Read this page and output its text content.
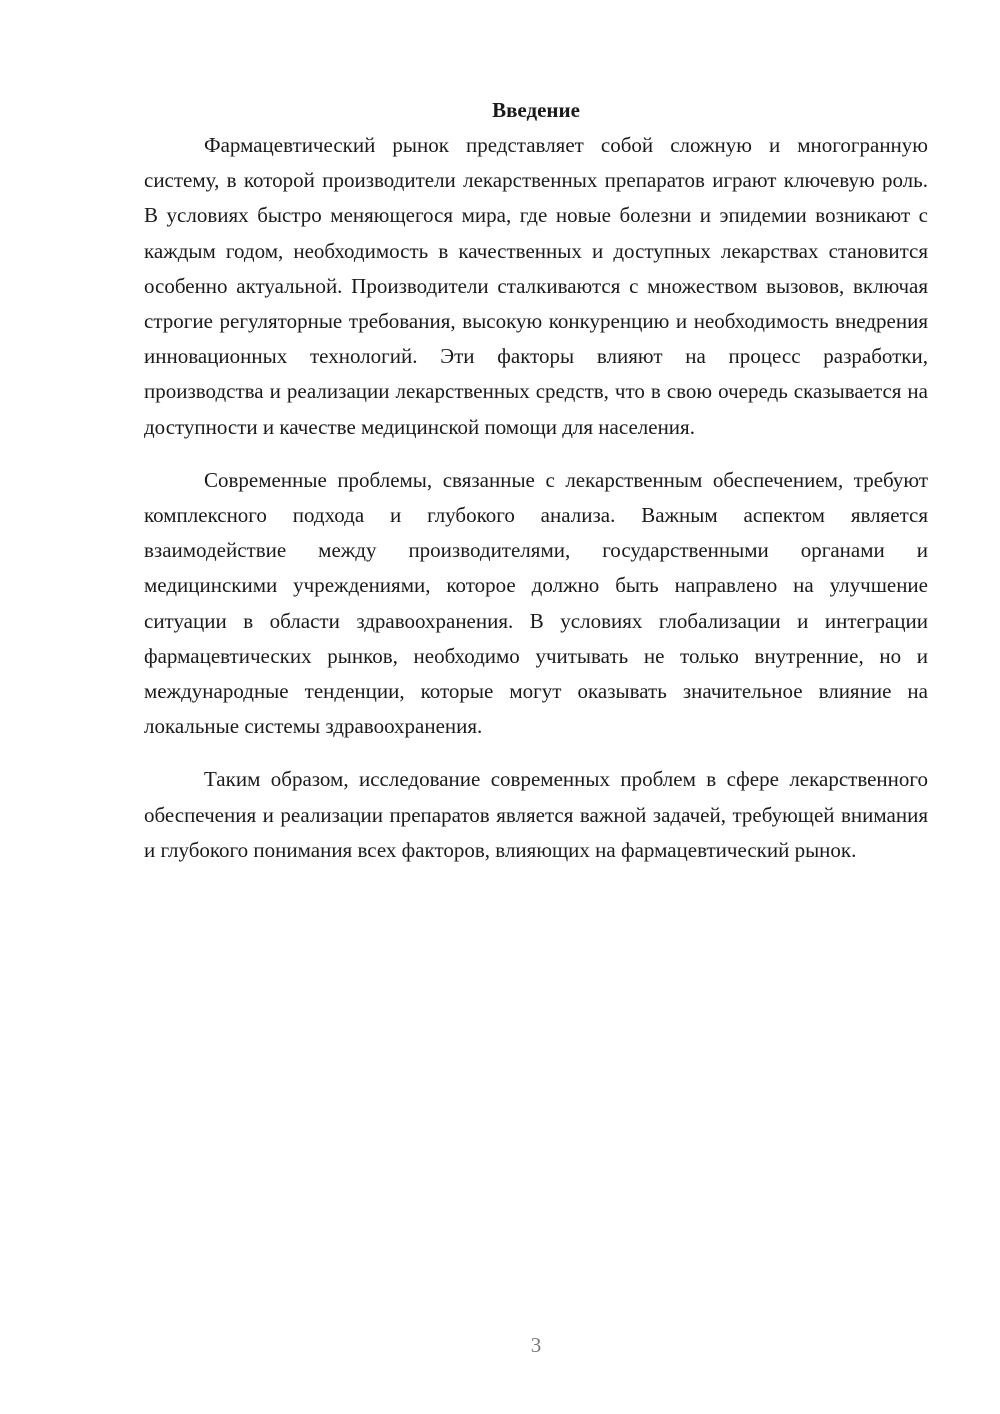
Введение

Фармацевтический рынок представляет собой сложную и многогранную систему, в которой производители лекарственных препаратов играют ключевую роль. В условиях быстро меняющегося мира, где новые болезни и эпидемии возникают с каждым годом, необходимость в качественных и доступных лекарствах становится особенно актуальной. Производители сталкиваются с множеством вызовов, включая строгие регуляторные требования, высокую конкуренцию и необходимость внедрения инновационных технологий. Эти факторы влияют на процесс разработки, производства и реализации лекарственных средств, что в свою очередь сказывается на доступности и качестве медицинской помощи для населения.

Современные проблемы, связанные с лекарственным обеспечением, требуют комплексного подхода и глубокого анализа. Важным аспектом является взаимодействие между производителями, государственными органами и медицинскими учреждениями, которое должно быть направлено на улучшение ситуации в области здравоохранения. В условиях глобализации и интеграции фармацевтических рынков, необходимо учитывать не только внутренние, но и международные тенденции, которые могут оказывать значительное влияние на локальные системы здравоохранения.

Таким образом, исследование современных проблем в сфере лекарственного обеспечения и реализации препаратов является важной задачей, требующей внимания и глубокого понимания всех факторов, влияющих на фармацевтический рынок.

3
